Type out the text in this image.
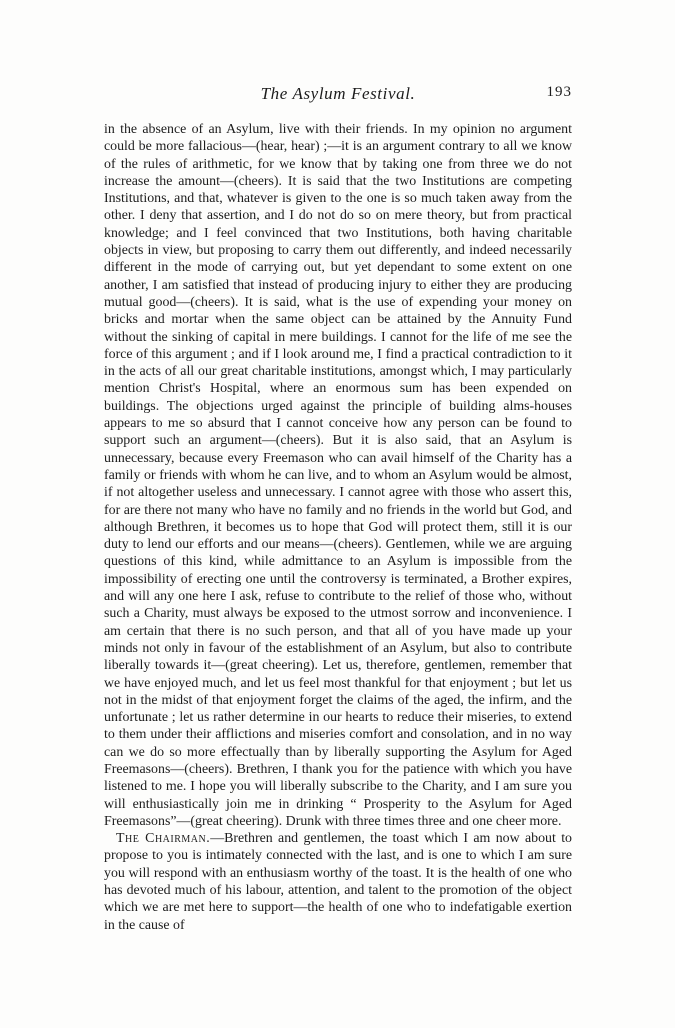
The Asylum Festival.	193

in the absence of an Asylum, live with their friends. In my opinion no argument could be more fallacious—(hear, hear) ;—it is an argument contrary to all we know of the rules of arithmetic, for we know that by taking one from three we do not increase the amount—(cheers). It is said that the two Institutions are competing Institutions, and that, whatever is given to the one is so much taken away from the other. I deny that assertion, and I do not do so on mere theory, but from practical knowledge; and I feel convinced that two Institutions, both having charitable objects in view, but proposing to carry them out differently, and indeed necessarily different in the mode of carrying out, but yet dependant to some extent on one another, I am satisfied that instead of producing injury to either they are producing mutual good—(cheers). It is said, what is the use of expending your money on bricks and mortar when the same object can be attained by the Annuity Fund without the sinking of capital in mere buildings. I cannot for the life of me see the force of this argument ; and if I look around me, I find a practical contradiction to it in the acts of all our great charitable institutions, amongst which, I may particularly mention Christ's Hospital, where an enormous sum has been expended on buildings. The objections urged against the principle of building alms-houses appears to me so absurd that I cannot conceive how any person can be found to support such an argument—(cheers). But it is also said, that an Asylum is unnecessary, because every Freemason who can avail himself of the Charity has a family or friends with whom he can live, and to whom an Asylum would be almost, if not altogether useless and unnecessary. I cannot agree with those who assert this, for are there not many who have no family and no friends in the world but God, and although Brethren, it becomes us to hope that God will protect them, still it is our duty to lend our efforts and our means—(cheers). Gentlemen, while we are arguing questions of this kind, while admittance to an Asylum is impossible from the impossibility of erecting one until the controversy is terminated, a Brother expires, and will any one here I ask, refuse to contribute to the relief of those who, without such a Charity, must always be exposed to the utmost sorrow and inconvenience. I am certain that there is no such person, and that all of you have made up your minds not only in favour of the establishment of an Asylum, but also to contribute liberally towards it—(great cheering). Let us, therefore, gentlemen, remember that we have enjoyed much, and let us feel most thankful for that enjoyment ; but let us not in the midst of that enjoyment forget the claims of the aged, the infirm, and the unfortunate ; let us rather determine in our hearts to reduce their miseries, to extend to them under their afflictions and miseries comfort and consolation, and in no way can we do so more effectually than by liberally supporting the Asylum for Aged Freemasons—(cheers). Brethren, I thank you for the patience with which you have listened to me. I hope you will liberally subscribe to the Charity, and I am sure you will enthusiastically join me in drinking “ Prosperity to the Asylum for Aged Freemasons”—(great cheering). Drunk with three times three and one cheer more.

The Chairman.—Brethren and gentlemen, the toast which I am now about to propose to you is intimately connected with the last, and is one to which I am sure you will respond with an enthusiasm worthy of the toast. It is the health of one who has devoted much of his labour, attention, and talent to the promotion of the object which we are met here to support—the health of one who to indefatigable exertion in the cause of
